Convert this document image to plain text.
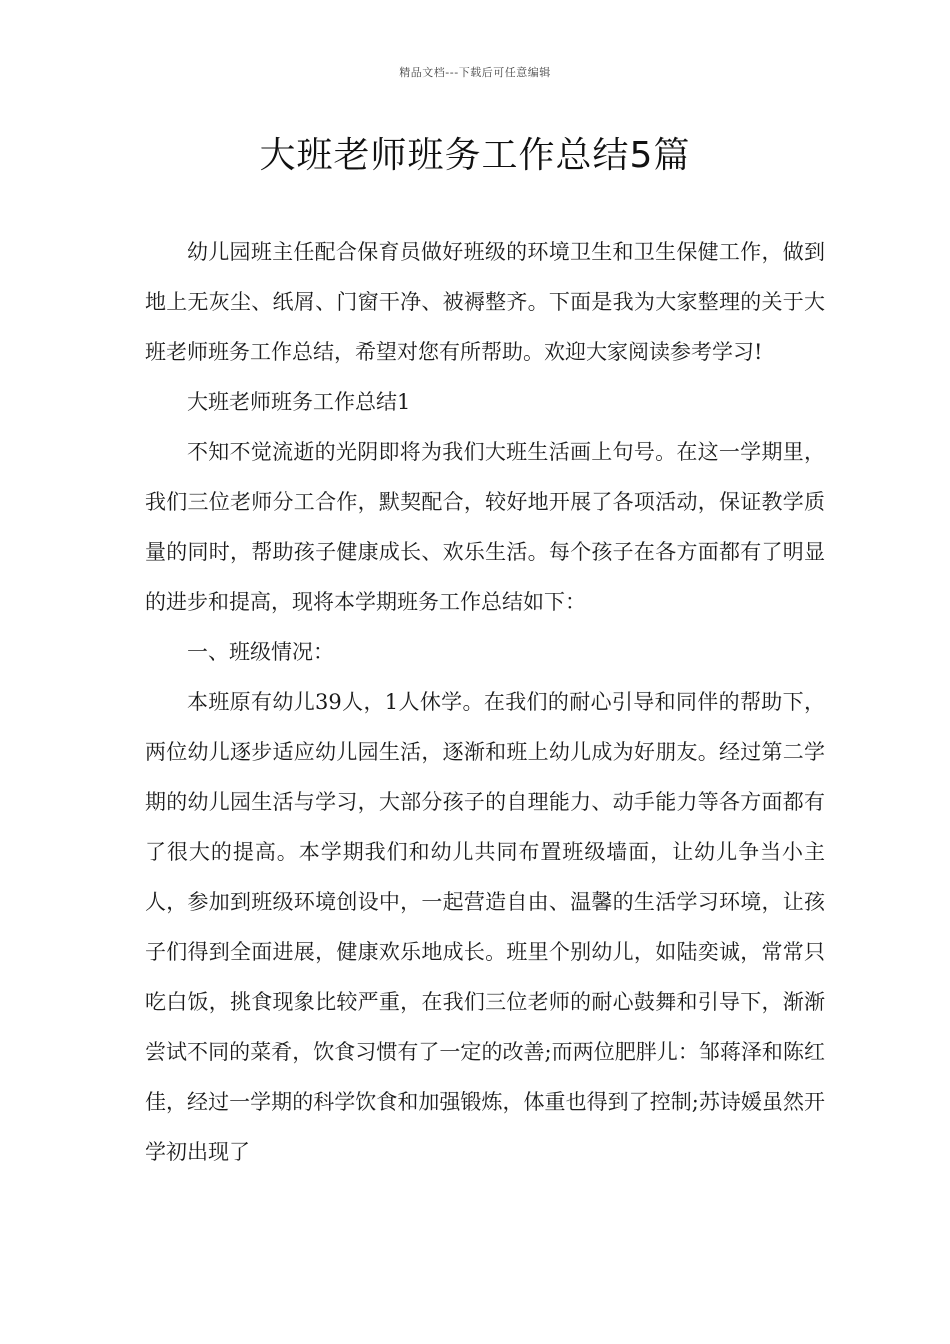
精品文档---下载后可任意编辑
大班老师班务工作总结5篇

幼儿园班主任配合保育员做好班级的环境卫生和卫生保健工作，做到地上无灰尘、纸屑、门窗干净、被褥整齐。下面是我为大家整理的关于大班老师班务工作总结，希望对您有所帮助。欢迎大家阅读参考学习!

大班老师班务工作总结1

不知不觉流逝的光阴即将为我们大班生活画上句号。在这一学期里，我们三位老师分工合作，默契配合，较好地开展了各项活动，保证教学质量的同时，帮助孩子健康成长、欢乐生活。每个孩子在各方面都有了明显的进步和提高，现将本学期班务工作总结如下：

一、班级情况：

本班原有幼儿39人，1人休学。在我们的耐心引导和同伴的帮助下，两位幼儿逐步适应幼儿园生活，逐渐和班上幼儿成为好朋友。经过第二学期的幼儿园生活与学习，大部分孩子的自理能力、动手能力等各方面都有了很大的提高。本学期我们和幼儿共同布置班级墙面，让幼儿争当小主人，参加到班级环境创设中，一起营造自由、温馨的生活学习环境，让孩子们得到全面进展，健康欢乐地成长。班里个别幼儿，如陆奕诚，常常只吃白饭，挑食现象比较严重，在我们三位老师的耐心鼓舞和引导下，渐渐尝试不同的菜肴，饮食习惯有了一定的改善;而两位肥胖儿：邹蒋泽和陈红佳，经过一学期的科学饮食和加强锻炼，体重也得到了控制;苏诗媛虽然开学初出现了
